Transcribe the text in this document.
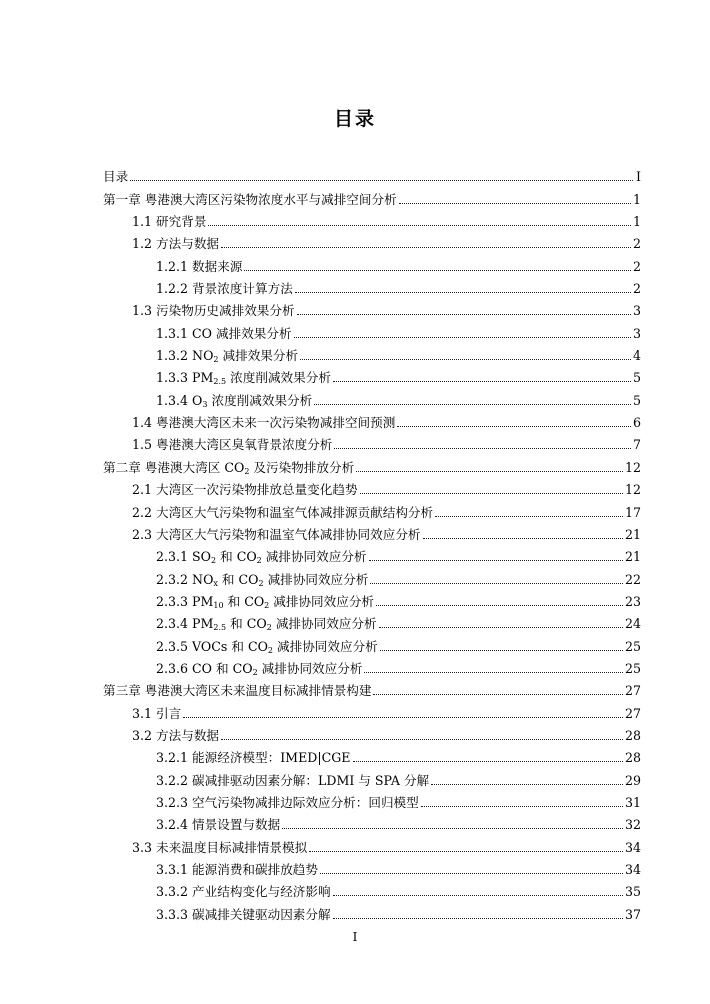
目录
目录	I
第一章 粤港澳大湾区污染物浓度水平与减排空间分析	1
1.1 研究背景	1
1.2 方法与数据	2
1.2.1 数据来源	2
1.2.2 背景浓度计算方法	2
1.3 污染物历史减排效果分析	3
1.3.1 CO 减排效果分析	3
1.3.2 $NO_2$ 减排效果分析	4
1.3.3 $PM_{2.5}$ 浓度削减效果分析	5
1.3.4 $O_3$ 浓度削减效果分析	5
1.4 粤港澳大湾区未来一次污染物减排空间预测	6
1.5 粤港澳大湾区臭氧背景浓度分析	7
第二章 粤港澳大湾区 $CO_2$ 及污染物排放分析	12
2.1 大湾区一次污染物排放总量变化趋势	12
2.2 大湾区大气污染物和温室气体减排源贡献结构分析	17
2.3 大湾区大气污染物和温室气体减排协同效应分析	21
2.3.1 $SO_2$ 和 $CO_2$ 减排协同效应分析	21
2.3.2 $NO_x$ 和 $CO_2$ 减排协同效应分析	22
2.3.3 $PM_{10}$ 和 $CO_2$ 减排协同效应分析	23
2.3.4 $PM_{2.5}$ 和 $CO_2$ 减排协同效应分析	24
2.3.5 VOCs 和 $CO_2$ 减排协同效应分析	25
2.3.6 CO 和 $CO_2$ 减排协同效应分析	25
第三章 粤港澳大湾区未来温度目标减排情景构建	27
3.1 引言	27
3.2 方法与数据	28
3.2.1 能源经济模型：IMED|CGE	28
3.2.2 碳减排驱动因素分解：LDMI 与 SPA 分解	29
3.2.3 空气污染物减排边际效应分析：回归模型	31
3.2.4 情景设置与数据	32
3.3 未来温度目标减排情景模拟	34
3.3.1 能源消费和碳排放趋势	34
3.3.2 产业结构变化与经济影响	35
3.3.3 碳减排关键驱动因素分解	37
I
